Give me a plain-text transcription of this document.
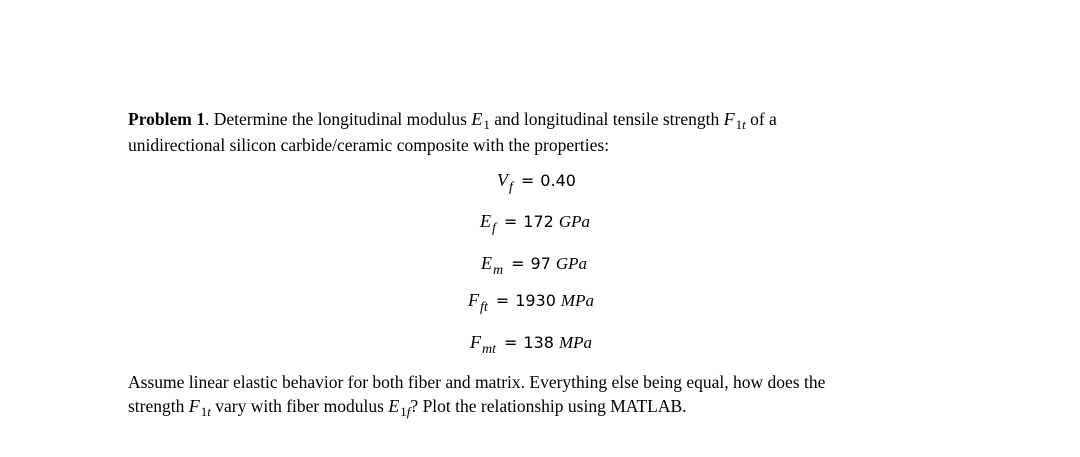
Problem 1. Determine the longitudinal modulus $E_1$ and longitudinal tensile strength $F_{1t}$ of a
unidirectional silicon carbide/ceramic composite with the properties:
Vf = 0.40
Ef = 172 GPa
Em = 97 GPa
Fft = 1930 MPa
Fmt = 138 MPa
Assume linear elastic behavior for both fiber and matrix. Everything else being equal, how does the
strength $F_{1t}$ vary with fiber modulus $E_{1f}$? Plot the relationship using MATLAB.
